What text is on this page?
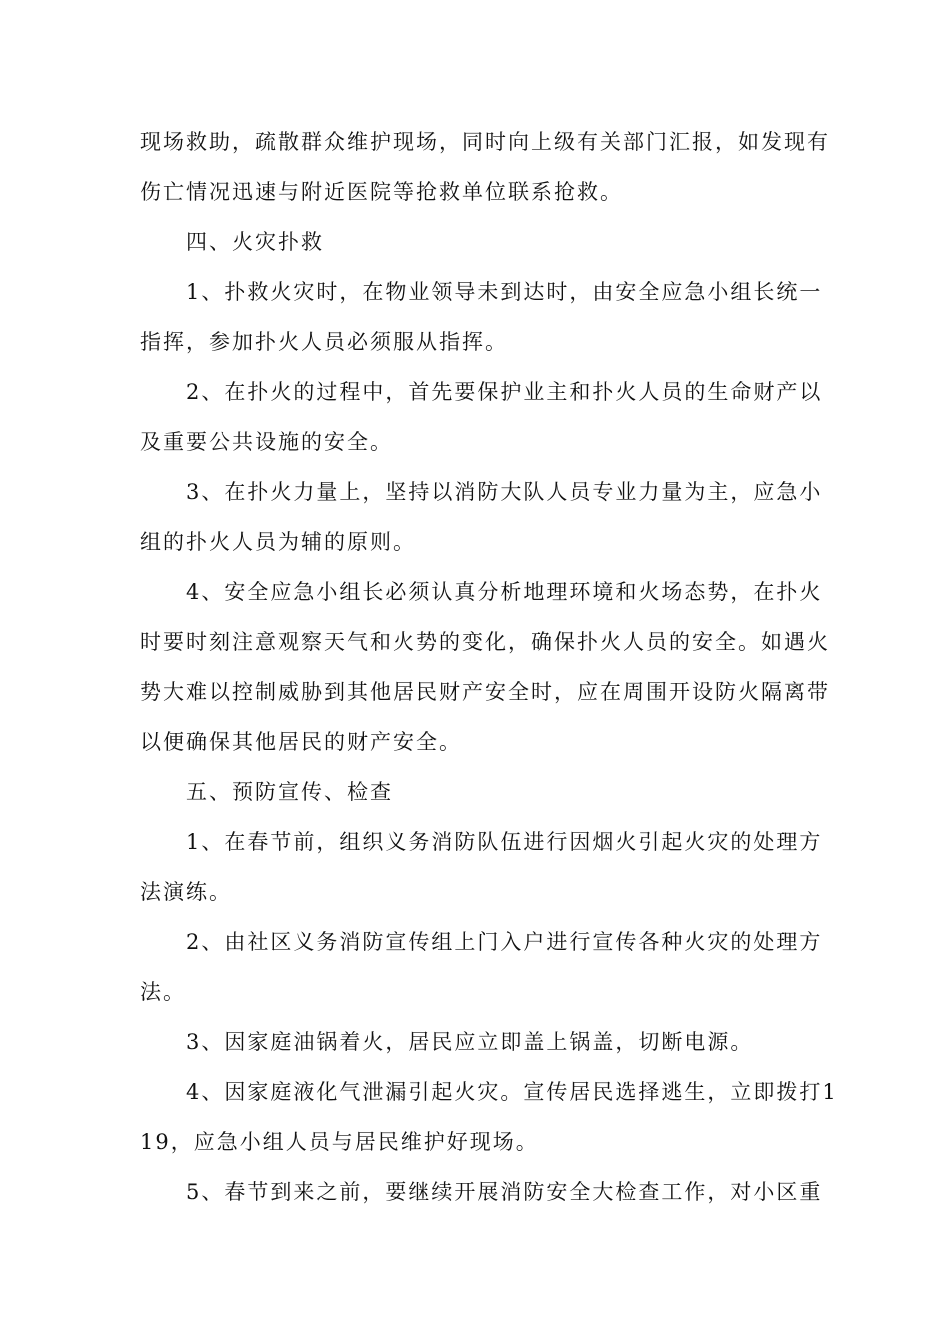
现场救助，疏散群众维护现场，同时向上级有关部门汇报，如发现有
伤亡情况迅速与附近医院等抢救单位联系抢救。
四、火灾扑救
1、扑救火灾时，在物业领导未到达时，由安全应急小组长统一
指挥，参加扑火人员必须服从指挥。
2、在扑火的过程中，首先要保护业主和扑火人员的生命财产以
及重要公共设施的安全。
3、在扑火力量上，坚持以消防大队人员专业力量为主，应急小
组的扑火人员为辅的原则。
4、安全应急小组长必须认真分析地理环境和火场态势，在扑火
时要时刻注意观察天气和火势的变化，确保扑火人员的安全。如遇火
势大难以控制威胁到其他居民财产安全时，应在周围开设防火隔离带
以便确保其他居民的财产安全。
五、预防宣传、检查
1、在春节前，组织义务消防队伍进行因烟火引起火灾的处理方
法演练。
2、由社区义务消防宣传组上门入户进行宣传各种火灾的处理方
法。
3、因家庭油锅着火，居民应立即盖上锅盖，切断电源。
4、因家庭液化气泄漏引起火灾。宣传居民选择逃生，立即拨打1
19，应急小组人员与居民维护好现场。
5、春节到来之前，要继续开展消防安全大检查工作，对小区重
